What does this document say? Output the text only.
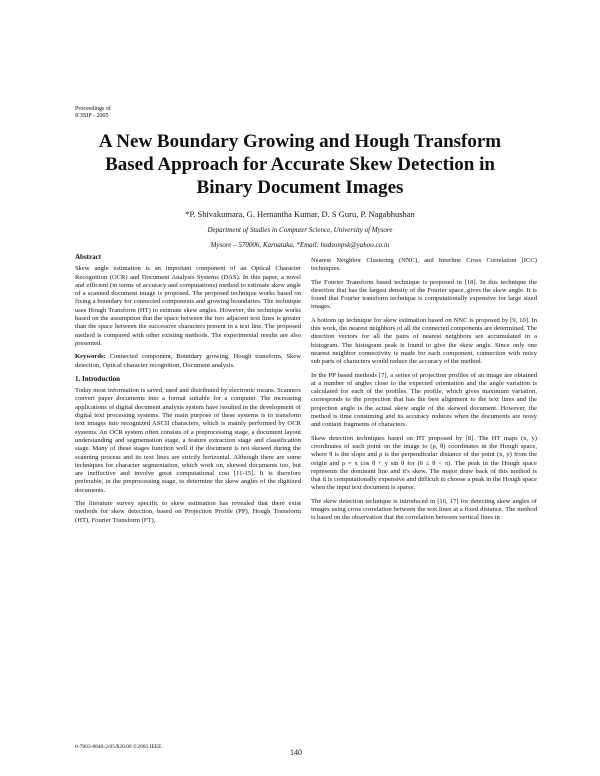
Proceedings of
ICISIP - 2005
A New Boundary Growing and Hough Transform
Based Approach for Accurate Skew Detection in
Binary Document Images
*P. Shivakumara, G. Hemantha Kumar, D. S Guru, P. Nagabhushan
Department of Studies in Computer Science, University of Mysore
Mysore – 570006, Karnataka, *Email: hudsonpsk@yahoo.co.in
Abstract
Skew angle estimation is an important component of an Optical Character Recognition (OCR) and Document Analysis Systems (DAS). In this paper, a novel and efficient (in terms of accuracy and computations) method to estimate skew angle of a scanned document image is proposed. The proposed technique works based on fixing a boundary for connected components and growing boundaries. The technique uses Hough Transform (HT) to estimate skew angles. However, the technique works based on the assumption that the space between the two adjacent text lines is greater than the space between the successive characters present in a text line. The proposed method is compared with other existing methods. The experimental results are also presented.
Keywords: Connected component, Boundary growing, Hough transform, Skew detection, Optical character recognition, Document analysis.
1. Introduction
Today most information is saved, used and distributed by electronic means. Scanners convert paper documents into a format suitable for a computer. The increasing applications of digital document analysis system have resulted in the development of digital text processing systems. The main purpose of these systems is to transform text images into recognized ASCII characters, which is mainly performed by OCR systems. An OCR system often consists of a preprocessing stage, a document layout understanding and segmentation stage, a feature extraction stage and classification stage. Many of these stages function well if the document is not skewed during the scanning process and its text lines are strictly horizontal. Although there are some techniques for character segmentation, which work on, skewed documents too, but are ineffective and involve great computational cost [11-15]. It is therefore preferable, in the preprocessing stage, to determine the skew angles of the digitized documents.
The literature survey specific to skew estimation has revealed that there exist methods for skew detection, based on Projection Profile (PP), Hough Transform (HT), Fourier Transform (FT),
Nearest Neighbor Clustering (NNC), and Interline Cross Correlation (ICC) techniques.
The Fourier Transform based technique is proposed in [18]. In this technique the direction that has the largest density of the Fourier space, gives the skew angle. It is found that Fourier transform technique is computationally expensive for large sized images.
A bottom up technique for skew estimation based on NNC is proposed by [9, 10]. In this work, the nearest neighbors of all the connected components are determined. The direction vectors for all the pairs of nearest neighbors are accumulated in a histogram. The histogram peak is found to give the skew angle. Since only one nearest neighbor connectivity is made for each component, connection with noisy sub parts of characters would reduce the accuracy of the method.
In the PP based methods [7], a series of projection profiles of an image are obtained at a number of angles close to the expected orientation and the angle variation is calculated for each of the profiles. The profile, which gives maximum variation, corresponds to the projection that has the best alignment to the text lines and the projection angle is the actual skew angle of the skewed document. However, the method is time consuming and its accuracy reduces when the documents are noisy and contain fragments of characters.
Skew detection techniques based on HT proposed by [8]. The HT maps (x, y) coordinates of each point on the image to (ρ, θ) coordinates in the Hough space, where θ is the slope and ρ is the perpendicular distance of the point (x, y) from the origin and ρ = x cos θ + y sin θ for (0 ≤ θ < π). The peak in the Hough space represents the dominant line and it's skew. The major draw back of this method is that it is computationally expensive and difficult to choose a peak in the Hough space when the input text document is sparse.
The skew detection technique is introduced in [16, 17] for detecting skew angles of images using cross correlation between the text lines at a fixed distance. The method is based on the observation that the correlation between vertical lines in
0-7803-8840-2/05/$20.00 ©2005 IEEE
140
